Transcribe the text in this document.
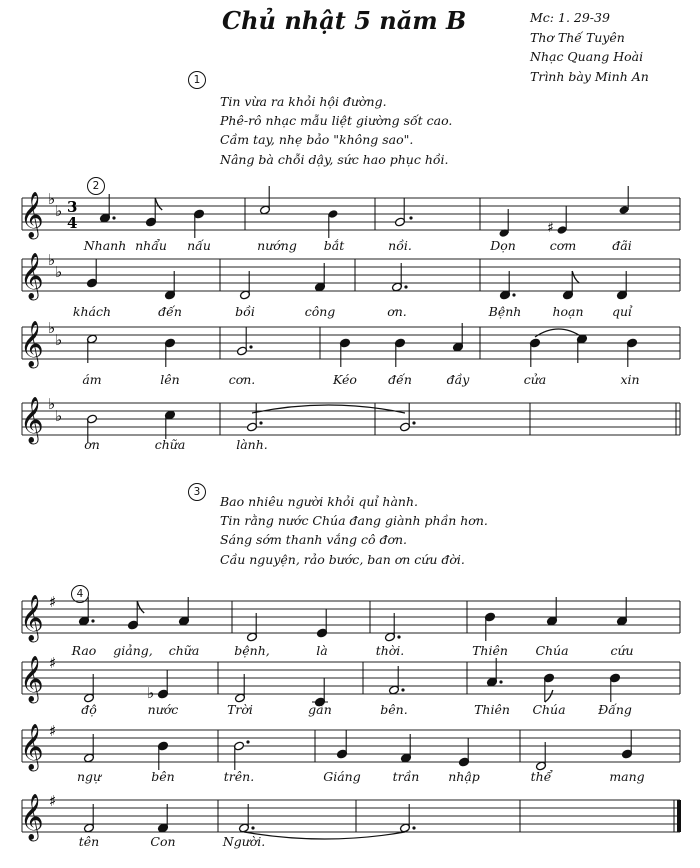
Chủ nhật 5 năm B	Mc: 1. 29-39
Thơ Thế Tuyên
Nhạc Quang Hoài
Trình bày Minh An
1
Tin vừa ra khỏi hội đường.
Phê-rô nhạc mẫu liệt giường sốt cao.
Cầm tay, nhẹ bảo "không sao".
Nâng bà chỗi dậy, sức hao phục hồi.
2
3
Bao nhiêu người khỏi quỉ hành.
Tin rằng nước Chúa đang giành phần hơn.
Sáng sớm thanh vắng cô đơn.
Cầu nguyện, rảo bước, ban ơn cứu đời.
4
𝄞 ♭
♭ 3
4	♯
Nhanh nhẩu nấu	nướng bắt	nồi.	Dọn	cơm	đãi
𝄞 ♭
♭
khách	đến	bồi	công	ơn.	Bệnh hoạn quỉ
𝄞 ♭
♭
ám	lên	cơn.	Kéo đến	đầy	cửa	xin
𝄞 ♭
♭
ơn	chữa	lành.
𝄞 ♯
Rao giảng, chữa	bệnh,	là	thời.	Thiên Chúa	cứu
𝄞 ♯
♭
độ	nước	Trời	gần	bên.	Thiên Chúa	Đấng
𝄞 ♯
ngự	bên	trên.	Giáng	trần nhập	thể	mang
𝄞 ♯
tên	Con	Người.
